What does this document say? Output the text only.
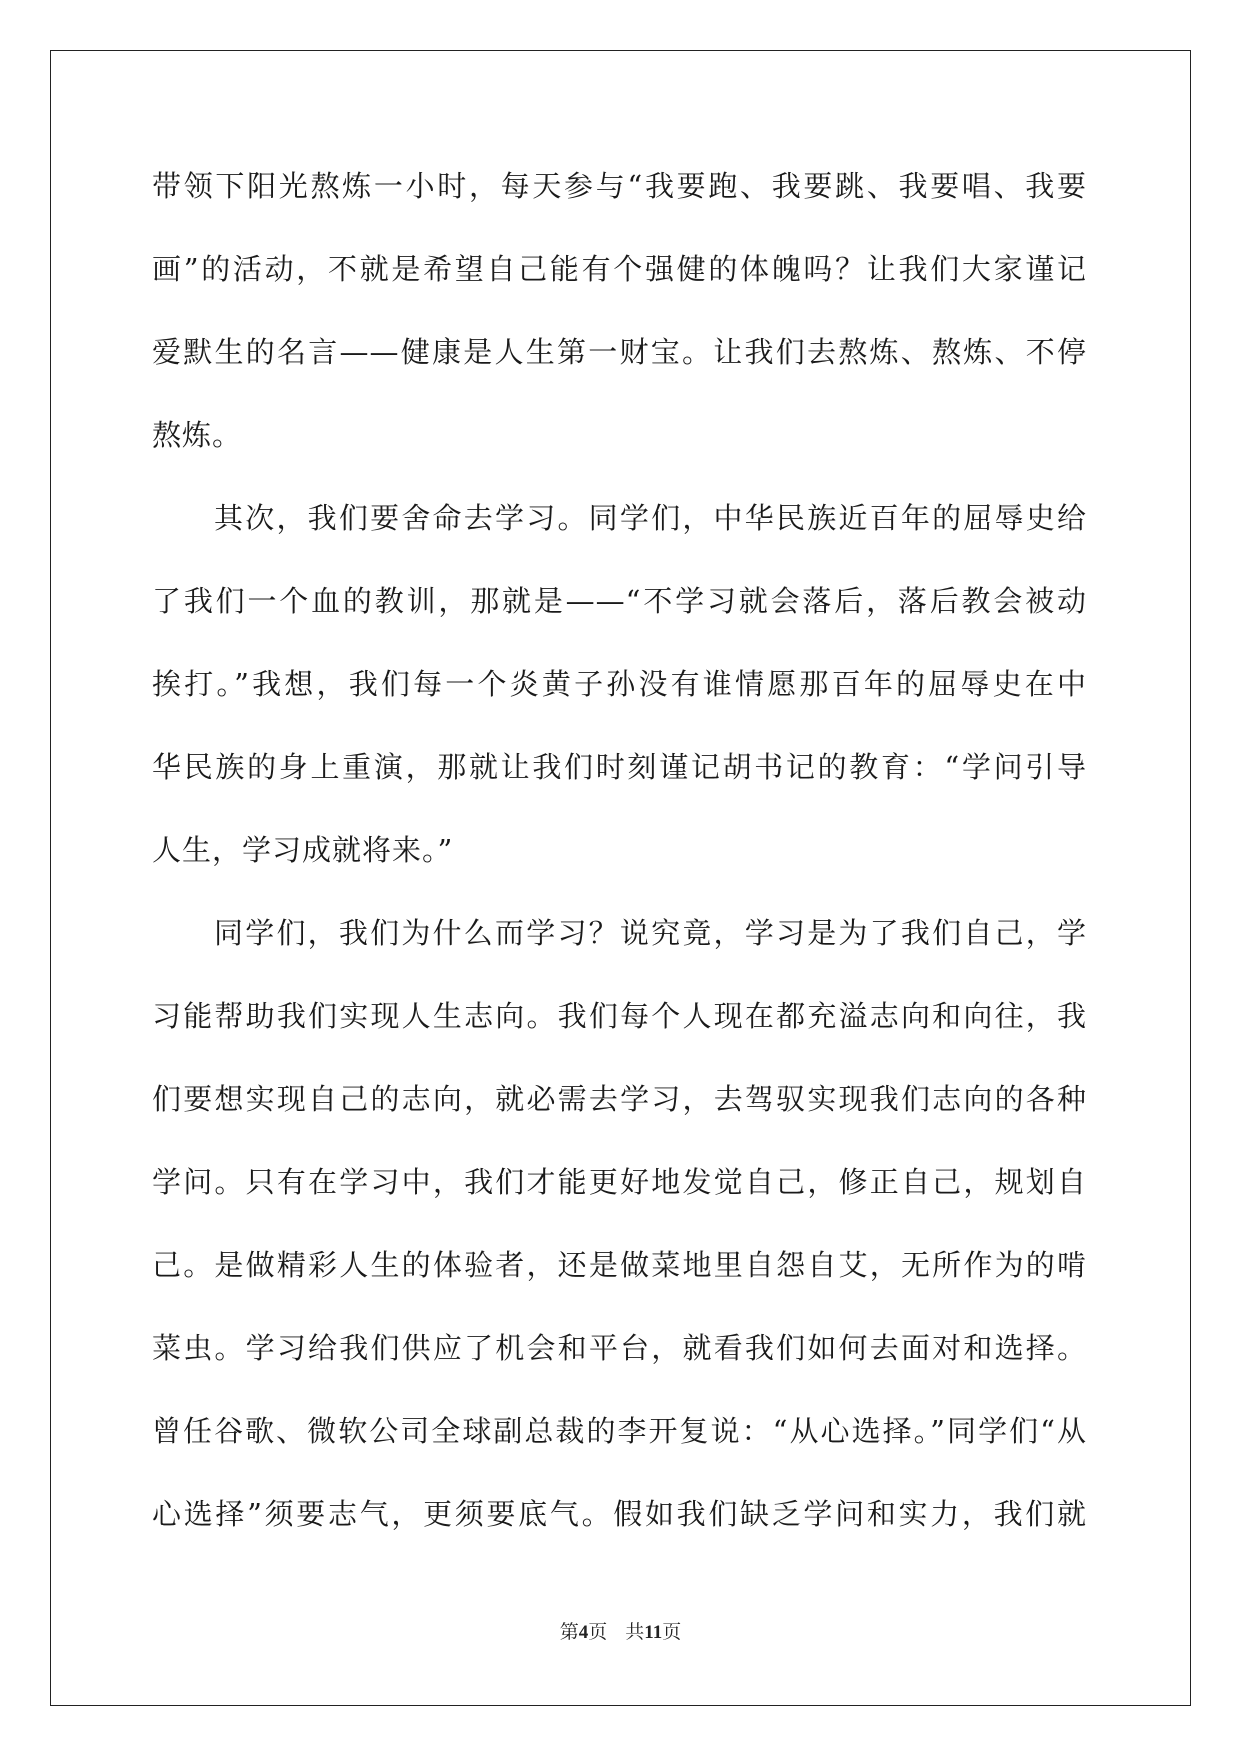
带领下阳光熬炼一小时，每天参与“我要跑、我要跳、我要唱、我要
画”的活动，不就是希望自己能有个强健的体魄吗？让我们大家谨记
爱默生的名言——健康是人生第一财宝。让我们去熬炼、熬炼、不停
熬炼。
其次，我们要舍命去学习。同学们，中华民族近百年的屈辱史给
了我们一个血的教训，那就是——“不学习就会落后，落后教会被动
挨打。”我想，我们每一个炎黄子孙没有谁情愿那百年的屈辱史在中
华民族的身上重演，那就让我们时刻谨记胡书记的教育：“学问引导
人生，学习成就将来。”
同学们，我们为什么而学习？说究竟，学习是为了我们自己，学
习能帮助我们实现人生志向。我们每个人现在都充溢志向和向往，我
们要想实现自己的志向，就必需去学习，去驾驭实现我们志向的各种
学问。只有在学习中，我们才能更好地发觉自己，修正自己，规划自
己。是做精彩人生的体验者，还是做菜地里自怨自艾，无所作为的啃
菜虫。学习给我们供应了机会和平台，就看我们如何去面对和选择。
曾任谷歌、微软公司全球副总裁的李开复说：“从心选择。”同学们“从
心选择”须要志气，更须要底气。假如我们缺乏学问和实力，我们就
第4页 共11页
